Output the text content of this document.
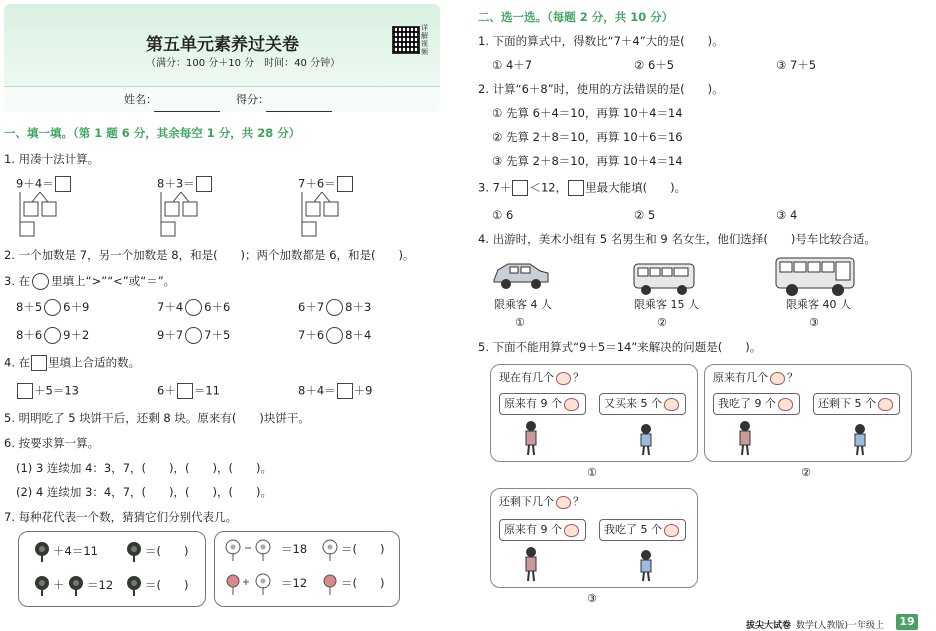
第五单元素养过关卷
（满分：100 分＋10 分　时间：40 分钟）
详解视频
姓名：	得分：
一、填一填。（第 1 题 6 分，其余每空 1 分，共 28 分）
1. 用凑十法计算。
9＋4＝	8＋3＝	7＋6＝
2. 一个加数是 7，另一个加数是 8，和是(　　)；两个加数都是 6，和是(　　)。
3. 在 里填上“>”“<”或“＝”。
8＋5 6＋9	7＋4 6＋6	6＋7 8＋3
8＋6 9＋2	9＋7 7＋5	7＋6 8＋4
4. 在 里填上合适的数。
＋5＝13	6＋ ＝11	8＋4＝ ＋9
5. 明明吃了 5 块饼干后，还剩 8 块。原来有(　　)块饼干。
6. 按要求算一算。
(1) 3 连续加 4：3，7，(　　)，(　　)，(　　)。
(2) 4 连续加 3：4，7，(　　)，(　　)，(　　)。
7. 每种花代表一个数，猜猜它们分别代表几。
＋4＝11	＝(　　)
＋ ＝12	＝(　　)
＝18	＝(　　)
＝12	＝(　　)
二、选一选。（每题 2 分，共 10 分）
1. 下面的算式中，得数比“7＋4”大的是(　　)。
① 4＋7	② 6＋5	③ 7＋5
2. 计算“6＋8”时，使用的方法错误的是(　　)。
① 先算 6＋4＝10，再算 10＋4＝14
② 先算 2＋8＝10，再算 10＋6＝16
③ 先算 2＋8＝10，再算 10＋4＝14
3. 7＋ ＜12， 里最大能填(　　)。
① 6	② 5	③ 4
4. 出游时，美术小组有 5 名男生和 9 名女生，他们选择(　　)号车比较合适。
限乘客 4 人
①
限乘客 15 人
②
限乘客 40 人
③
5. 下面不能用算式“9＋5＝14”来解决的问题是(　　)。
现在有几个 ？
原来有 9 个	又买来 5 个
①
原来有几个 ？
我吃了 9 个	还剩下 5 个
②
还剩下几个 ？
原来有 9 个	我吃了 5 个
③
拔尖大试卷 数学(人教版)一年级上	19
